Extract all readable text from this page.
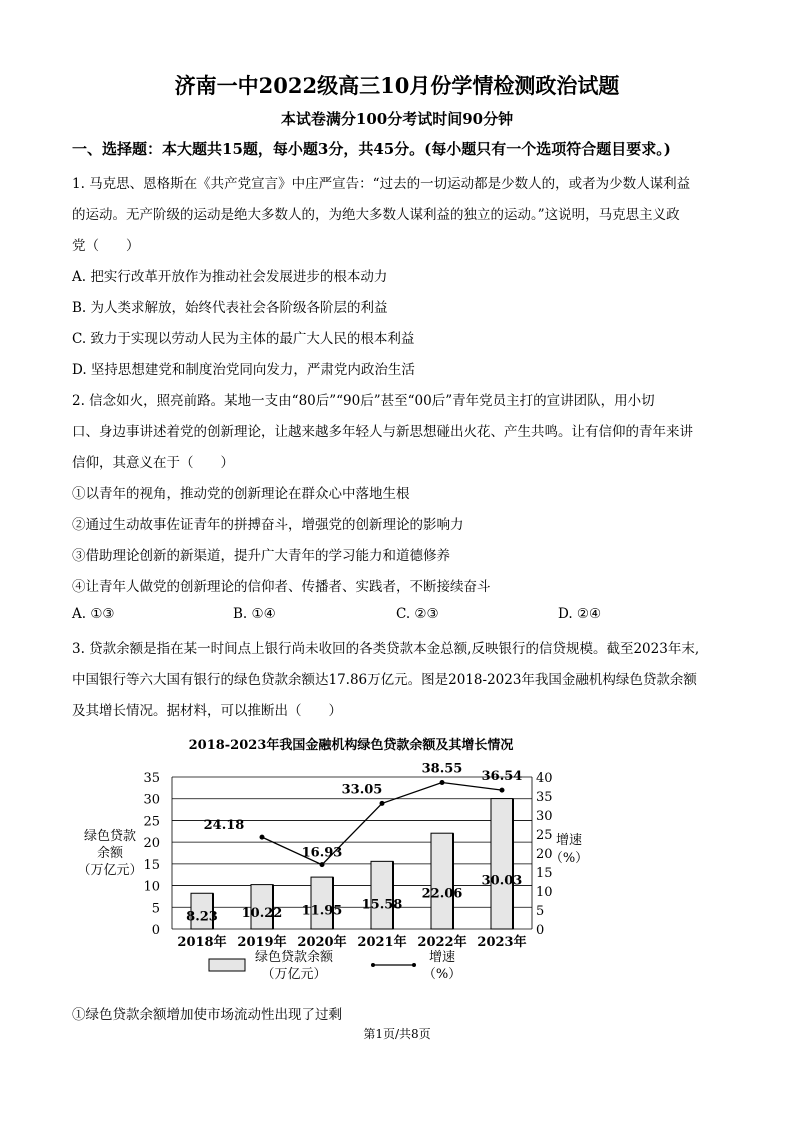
济南一中2022级高三10月份学情检测政治试题
本试卷满分100分考试时间90分钟
一、选择题：本大题共15题，每小题3分，共45分。(每小题只有一个选项符合题目要求。)
1. 马克思、恩格斯在《共产党宣言》中庄严宣告：“过去的一切运动都是少数人的，或者为少数人谋利益
的运动。无产阶级的运动是绝大多数人的，为绝大多数人谋利益的独立的运动。”这说明，马克思主义政
党（　　）
A. 把实行改革开放作为推动社会发展进步的根本动力
B. 为人类求解放，始终代表社会各阶级各阶层的利益
C. 致力于实现以劳动人民为主体的最广大人民的根本利益
D. 坚持思想建党和制度治党同向发力，严肃党内政治生活
2. 信念如火，照亮前路。某地一支由“80后”“90后”甚至“00后”青年党员主打的宣讲团队，用小切
口、身边事讲述着党的创新理论，让越来越多年轻人与新思想碰出火花、产生共鸣。让有信仰的青年来讲
信仰，其意义在于（　　）
①以青年的视角，推动党的创新理论在群众心中落地生根
②通过生动故事佐证青年的拼搏奋斗，增强党的创新理论的影响力
③借助理论创新的新渠道，提升广大青年的学习能力和道德修养
④让青年人做党的创新理论的信仰者、传播者、实践者，不断接续奋斗
A. ①③	B. ①④	C. ②③	D. ②④
3. 贷款余额是指在某一时间点上银行尚未收回的各类贷款本金总额,反映银行的信贷规模。截至2023年末,
中国银行等六大国有银行的绿色贷款余额达17.86万亿元。图是2018-2023年我国金融机构绿色贷款余额
及其增长情况。据材料，可以推断出（　　）
2018-2023年我国金融机构绿色贷款余额及其增长情况
8.23 10.22 11.95 15.58
22.06
30.03
24.18
16.93
33.05
38.55
36.54
2018年 2019年 2020年 2021年 2022年 2023年
0
5
10
15
20
25
30
35
0
5
10
15
20
25
30
35
40
绿色贷款
余额
（万亿元）
增速
（%）
绿色贷款余额
（万亿元）
增速
（%）
①绿色贷款余额增加使市场流动性出现了过剩
第1页/共8页
